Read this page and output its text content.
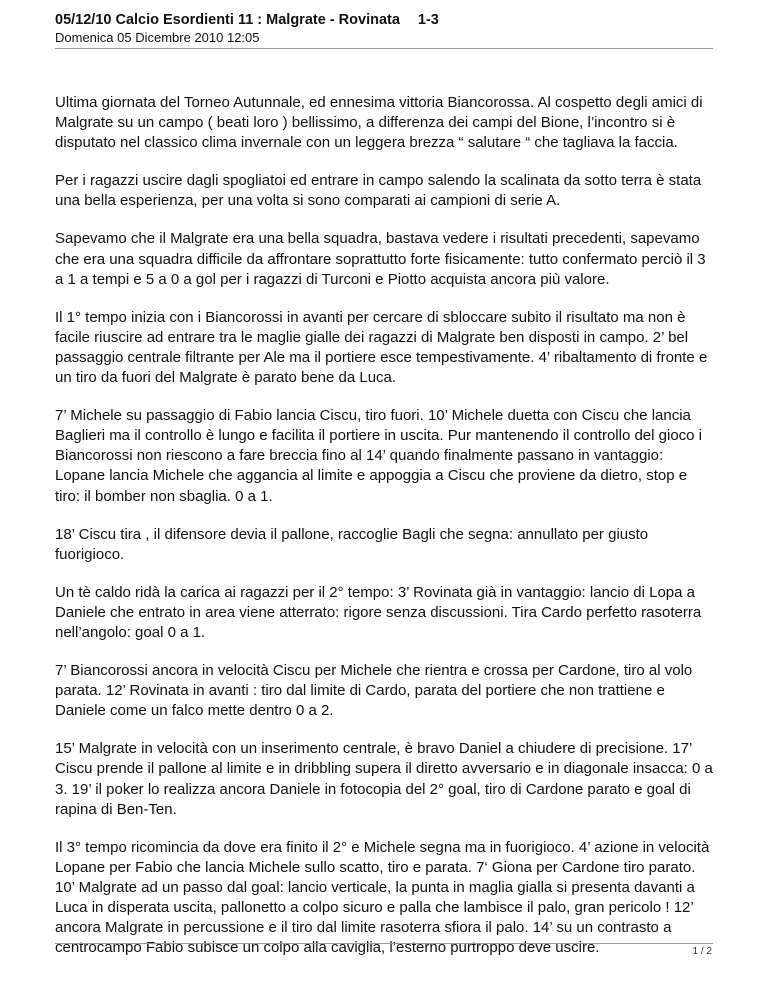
05/12/10 Calcio Esordienti 11 : Malgrate - Rovinata 1-3
Domenica 05 Dicembre 2010 12:05

Ultima giornata del Torneo Autunnale, ed ennesima vittoria Biancorossa. Al cospetto degli amici di Malgrate su un campo ( beati loro ) bellissimo, a differenza dei campi del Bione, l’incontro si è disputato nel classico clima invernale con un leggera brezza “ salutare “ che tagliava la faccia.

Per i ragazzi uscire dagli spogliatoi ed entrare in campo salendo la scalinata da sotto terra è stata una bella esperienza, per una volta si sono comparati ai campioni di serie A.

Sapevamo che il Malgrate era una bella squadra, bastava vedere i risultati precedenti, sapevamo che era una squadra difficile da affrontare soprattutto forte fisicamente: tutto confermato perciò il 3 a 1 a tempi e 5 a 0 a gol per i ragazzi di Turconi e Piotto acquista ancora più valore.

Il 1° tempo inizia con i Biancorossi in avanti per cercare di sbloccare subito il risultato ma non è facile riuscire ad entrare tra le maglie gialle dei ragazzi di Malgrate ben disposti in campo. 2’ bel passaggio centrale filtrante per Ale ma il portiere esce tempestivamente. 4’ ribaltamento di fronte e un tiro da fuori del Malgrate è parato bene da Luca.

7’ Michele su passaggio di Fabio lancia Ciscu, tiro fuori. 10’ Michele duetta con Ciscu che lancia Baglieri ma il controllo è lungo e facilita il portiere in uscita. Pur mantenendo il controllo del gioco i Biancorossi non riescono a fare breccia fino al 14’ quando finalmente passano in vantaggio: Lopane lancia Michele che aggancia al limite e appoggia a Ciscu che proviene da dietro, stop e tiro: il bomber non sbaglia. 0 a 1.

18’ Ciscu tira , il difensore devia il pallone, raccoglie Bagli che segna: annullato per giusto fuorigioco.

Un tè caldo ridà la carica ai ragazzi per il 2° tempo: 3’ Rovinata già in vantaggio: lancio di Lopa a Daniele che entrato in area viene atterrato: rigore senza discussioni. Tira Cardo perfetto rasoterra nell’angolo: goal 0 a 1.

7’ Biancorossi ancora in velocità Ciscu per Michele che rientra e crossa per Cardone, tiro al volo parata. 12’ Rovinata in avanti : tiro dal limite di Cardo, parata del portiere che non trattiene e Daniele come un falco mette dentro 0 a 2.

15’ Malgrate in velocità con un inserimento centrale, è bravo Daniel a chiudere di precisione. 17’ Ciscu prende il pallone al limite e in dribbling supera il diretto avversario e in diagonale insacca: 0 a 3. 19’ il poker lo realizza ancora Daniele in fotocopia del 2° goal, tiro di Cardone parato e goal di rapina di Ben-Ten.

Il 3° tempo ricomincia da dove era finito il 2° e Michele segna ma in fuorigioco. 4’ azione in velocità Lopane per Fabio che lancia Michele sullo scatto, tiro e parata. 7‘ Giona per Cardone tiro parato. 10’ Malgrate ad un passo dal goal: lancio verticale, la punta in maglia gialla si presenta davanti a Luca in disperata uscita, pallonetto a colpo sicuro e palla che lambisce il palo, gran pericolo ! 12’ ancora Malgrate in percussione e il tiro dal limite rasoterra sfiora il palo. 14’ su un contrasto a centrocampo Fabio subisce un colpo alla caviglia, l’esterno purtroppo deve uscire.	1 / 2
